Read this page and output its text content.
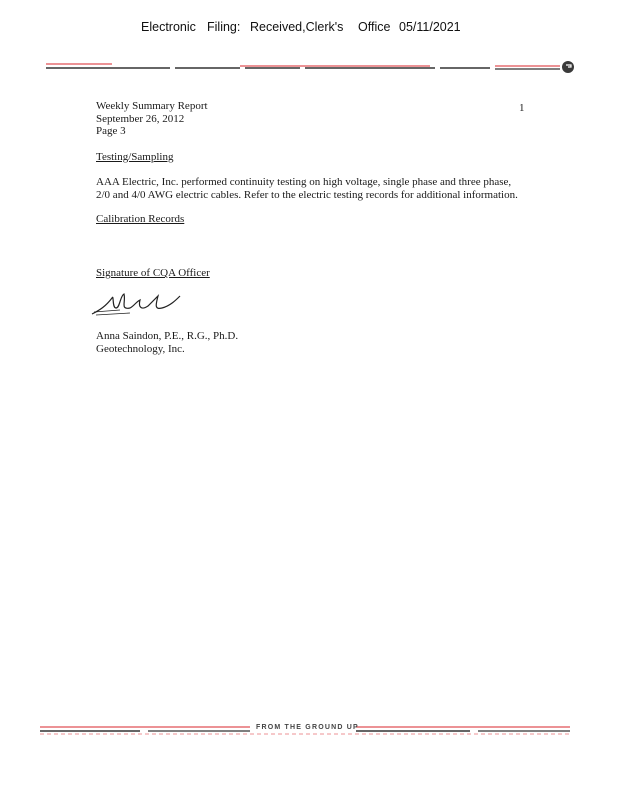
Electronic Filing: Received,Clerk's Office 05/11/2021
1
Weekly Summary Report
September 26, 2012
Page 3
Testing/Sampling
AAA Electric, Inc. performed continuity testing on high voltage, single phase and three phase,
2/0 and 4/0 AWG electric cables. Refer to the electric testing records for additional information.
Calibration Records
Signature of CQA Officer
Anna Saindon, P.E., R.G., Ph.D.
Geotechnology, Inc.
FROM THE GROUND UP
